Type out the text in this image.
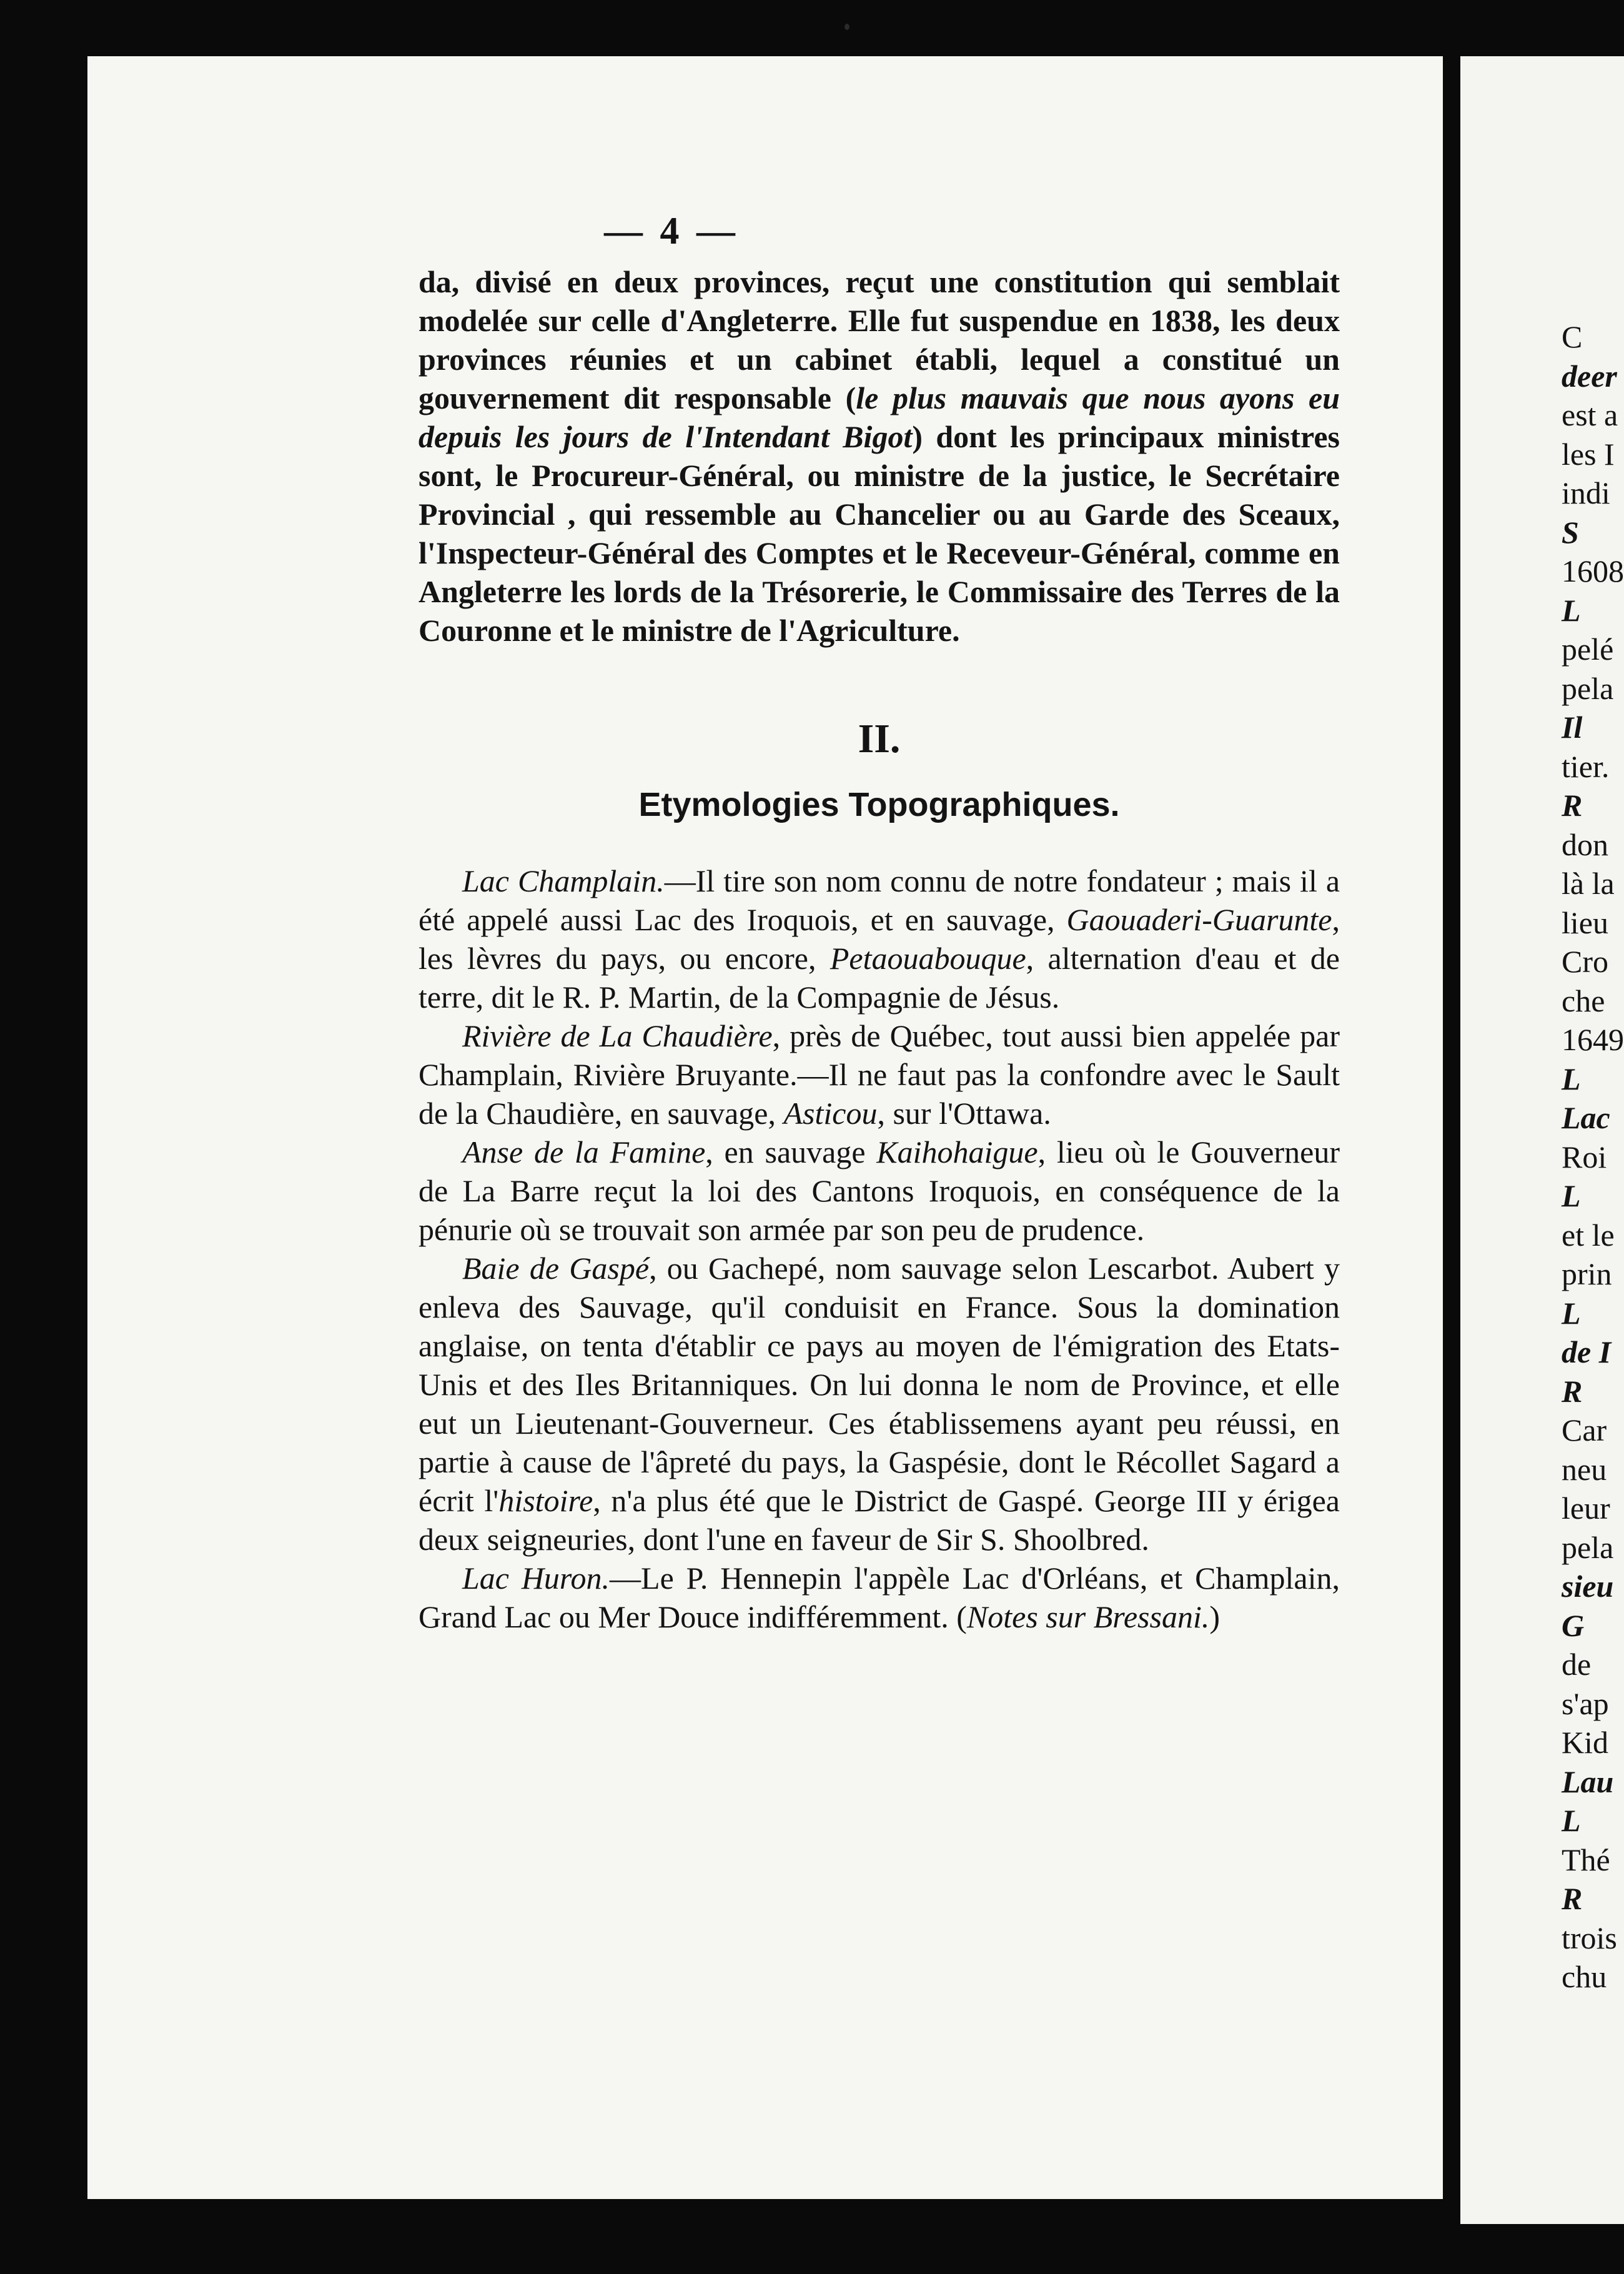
— 4 —

da, divisé en deux provinces, reçut une constitution qui semblait modelée sur celle d'Angleterre. Elle fut suspendue en 1838, les deux provinces réunies et un cabinet établi, lequel a constitué un gouvernement dit responsable (le plus mauvais que nous ayons eu depuis les jours de l'Intendant Bigot) dont les principaux ministres sont, le Procureur-Général, ou ministre de la justice, le Secrétaire Provincial , qui ressemble au Chancelier ou au Garde des Sceaux, l'Inspecteur-Général des Comptes et le Receveur-Général, comme en Angleterre les lords de la Trésorerie, le Commissaire des Terres de la Couronne et le ministre de l'Agriculture.

II.
Etymologies Topographiques.

Lac Champlain.—Il tire son nom connu de notre fondateur ; mais il a été appelé aussi Lac des Iroquois, et en sauvage, Gaouaderi-Guarunte, les lèvres du pays, ou encore, Petaouabouque, alternation d'eau et de terre, dit le R. P. Martin, de la Compagnie de Jésus.

Rivière de La Chaudière, près de Québec, tout aussi bien appelée par Champlain, Rivière Bruyante.—Il ne faut pas la confondre avec le Sault de la Chaudière, en sauvage, Asticou, sur l'Ottawa.

Anse de la Famine, en sauvage Kaihohaigue, lieu où le Gouverneur de La Barre reçut la loi des Cantons Iroquois, en conséquence de la pénurie où se trouvait son armée par son peu de prudence.

Baie de Gaspé, ou Gachepé, nom sauvage selon Lescarbot. Aubert y enleva des Sauvage, qu'il conduisit en France. Sous la domination anglaise, on tenta d'établir ce pays au moyen de l'émigration des Etats-Unis et des Iles Britanniques. On lui donna le nom de Province, et elle eut un Lieutenant-Gouverneur. Ces établissemens ayant peu réussi, en partie à cause de l'âpreté du pays, la Gaspésie, dont le Récollet Sagard a écrit l'histoire, n'a plus été que le District de Gaspé. George III y érigea deux seigneuries, dont l'une en faveur de Sir S. Shoolbred.

Lac Huron.—Le P. Hennepin l'appèle Lac d'Orléans, et Champlain, Grand Lac ou Mer Douce indifféremment. (Notes sur Bressani.)

C

deer

est a

les I

indi

S

1608

L

pelé

pela

Il

tier.

R

don

là la

lieu

Cro

che

1649

L

Lac

Roi

L

et le

prin

L

de I

R

Car

neu

leur

pela

sieu

G

de

s'ap

Kid

Lau

L

Thé

R

trois

chu
